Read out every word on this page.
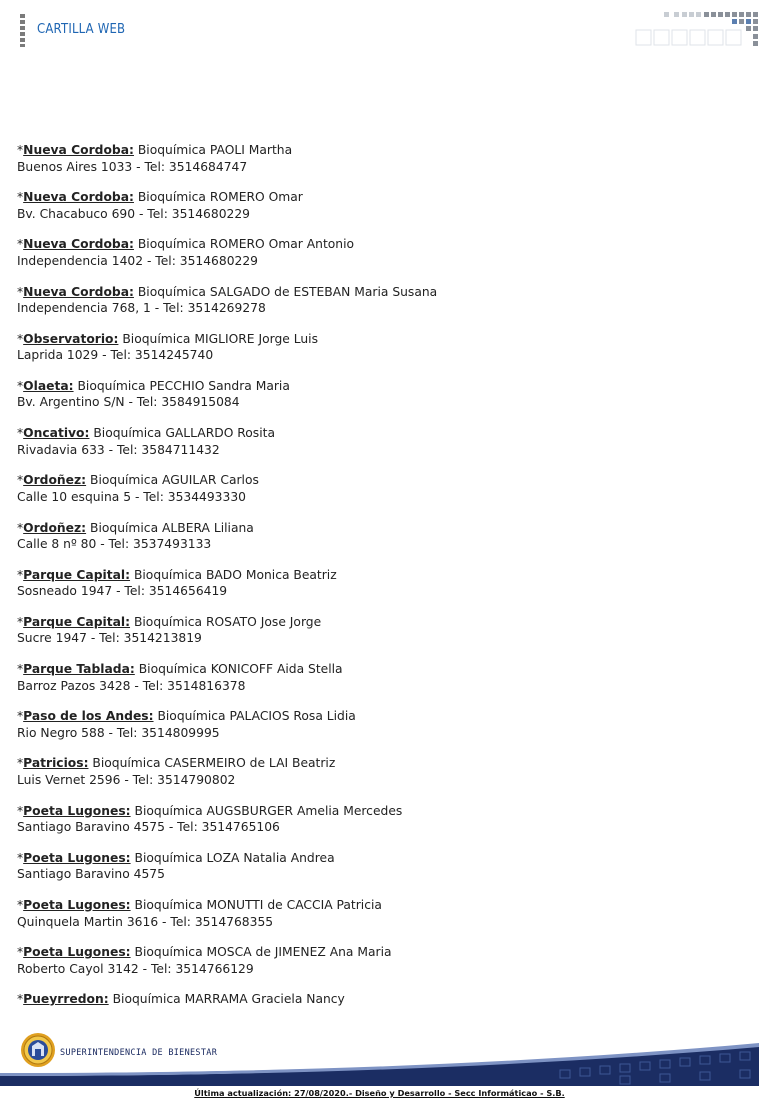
CARTILLA WEB
*Nueva Cordoba: Bioquímica PAOLI Martha
Buenos Aires 1033 - Tel: 3514684747
*Nueva Cordoba: Bioquímica ROMERO Omar
Bv. Chacabuco 690 - Tel: 3514680229
*Nueva Cordoba: Bioquímica ROMERO Omar Antonio
Independencia 1402 - Tel: 3514680229
*Nueva Cordoba: Bioquímica SALGADO de ESTEBAN Maria Susana
Independencia 768, 1 - Tel: 3514269278
*Observatorio: Bioquímica MIGLIORE Jorge Luis
Laprida 1029 - Tel: 3514245740
*Olaeta: Bioquímica PECCHIO Sandra Maria
Bv. Argentino S/N - Tel: 3584915084
*Oncativo: Bioquímica GALLARDO Rosita
Rivadavia 633 - Tel: 3584711432
*Ordoñez: Bioquímica AGUILAR Carlos
Calle 10 esquina 5 - Tel: 3534493330
*Ordoñez: Bioquímica ALBERA Liliana
Calle 8 nº 80 - Tel: 3537493133
*Parque Capital: Bioquímica BADO Monica Beatriz
Sosneado 1947 - Tel: 3514656419
*Parque Capital: Bioquímica ROSATO Jose Jorge
Sucre 1947 - Tel: 3514213819
*Parque Tablada: Bioquímica KONICOFF Aida Stella
Barroz Pazos 3428 - Tel: 3514816378
*Paso de los Andes: Bioquímica PALACIOS Rosa Lidia
Rio Negro 588 - Tel: 3514809995
*Patricios: Bioquímica CASERMEIRO de LAI Beatriz
Luis Vernet 2596 - Tel: 3514790802
*Poeta Lugones: Bioquímica AUGSBURGER Amelia Mercedes
Santiago Baravino 4575 - Tel: 3514765106
*Poeta Lugones: Bioquímica LOZA Natalia Andrea
Santiago Baravino 4575
*Poeta Lugones: Bioquímica MONUTTI de CACCIA Patricia
Quinquela Martin 3616 - Tel: 3514768355
*Poeta Lugones: Bioquímica MOSCA de JIMENEZ Ana Maria
Roberto Cayol 3142 - Tel: 3514766129
*Pueyrredon: Bioquímica MARRAMA Graciela Nancy
SUPERINTENDENCIA DE BIENESTAR
Última actualización: 27/08/2020.- Diseño y Desarrollo - Secc Informáticao - S.B.
